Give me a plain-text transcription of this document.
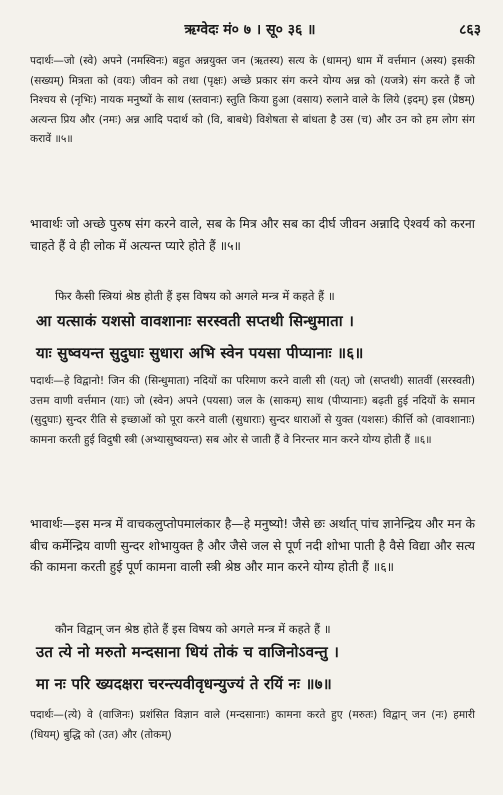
ऋग्वेदः मं० ७ । सू० ३६ ॥	८६३

पदार्थः—जो (स्वे) अपने (नमस्विनः) बहुत अन्नयुक्त जन (ऋतस्य) सत्य के (धामन्) धाम में वर्त्तमान (अस्य) इसकी (सख्यम्) मित्रता को (वयः) जीवन को तथा (पृक्षः) अच्छे प्रकार संग करने योग्य अन्न को (यजत्रे) संग करते हैं जो निश्चय से (नृभिः) नायक मनुष्यों के साथ (स्तवानः) स्तुति किया हुआ (वसाय) रुलाने वाले के लिये (इदम्) इस (प्रेष्ठम्) अत्यन्त प्रिय और (नमः) अन्न आदि पदार्थ को (वि, बाबधे) विशेषता से बांधता है उस (च) और उन को हम लोग संग करावें ॥५॥

भावार्थः जो अच्छे पुरुष संग करने वाले, सब के मित्र और सब का दीर्घ जीवन अन्नादि ऐश्वर्य को करना चाहते हैं वे ही लोक में अत्यन्त प्यारे होते हैं ॥५॥

फिर कैसी स्त्रियां श्रेष्ठ होती हैं इस विषय को अगले मन्त्र में कहते हैं ॥
आ यत्साकं यशसो वावशानाः सरस्वती सप्तथी सिन्धुमाता ।
याः सुष्वयन्त सुदुघाः सुधारा अभि स्वेन पयसा पीप्यानाः ॥६॥

पदार्थः—हे विद्वानो! जिन की (सिन्धुमाता) नदियों का परिमाण करने वाली सी (यत्) जो (सप्तथी) सातवीं (सरस्वती) उत्तम वाणी वर्त्तमान (याः) जो (स्वेन) अपने (पयसा) जल के (साकम्) साथ (पीप्यानाः) बढ़ती हुई नदियों के समान (सुदुघाः) सुन्दर रीति से इच्छाओं को पूरा करने वाली (सुधाराः) सुन्दर धाराओं से युक्त (यशसः) कीर्त्ति को (वावशानाः) कामना करती हुई विदुषी स्त्री (अभ्यासुष्वयन्त) सब ओर से जाती हैं वे निरन्तर मान करने योग्य होती हैं ॥६॥

भावार्थः—इस मन्त्र में वाचकलुप्तोपमालंकार है—हे मनुष्यो! जैसे छः अर्थात् पांच ज्ञानेन्द्रिय और मन के बीच कर्मेन्द्रिय वाणी सुन्दर शोभायुक्त है और जैसे जल से पूर्ण नदी शोभा पाती है वैसे विद्या और सत्य की कामना करती हुई पूर्ण कामना वाली स्त्री श्रेष्ठ और मान करने योग्य होती हैं ॥६॥

कौन विद्वान् जन श्रेष्ठ होते हैं इस विषय को अगले मन्त्र में कहते हैं ॥
उत त्ये नो मरुतो मन्दसाना धियं तोकं च वाजिनोऽवन्तु ।
मा नः परि ख्यदक्षरा चरन्त्यवीवृधन्युज्यं ते रयिं नः ॥७॥

पदार्थः—(त्ये) वे (वाजिनः) प्रशंसित विज्ञान वाले (मन्दसानाः) कामना करते हुए (मरुतः) विद्वान् जन (नः) हमारी (धियम्) बुद्धि को (उत) और (तोकम्)
